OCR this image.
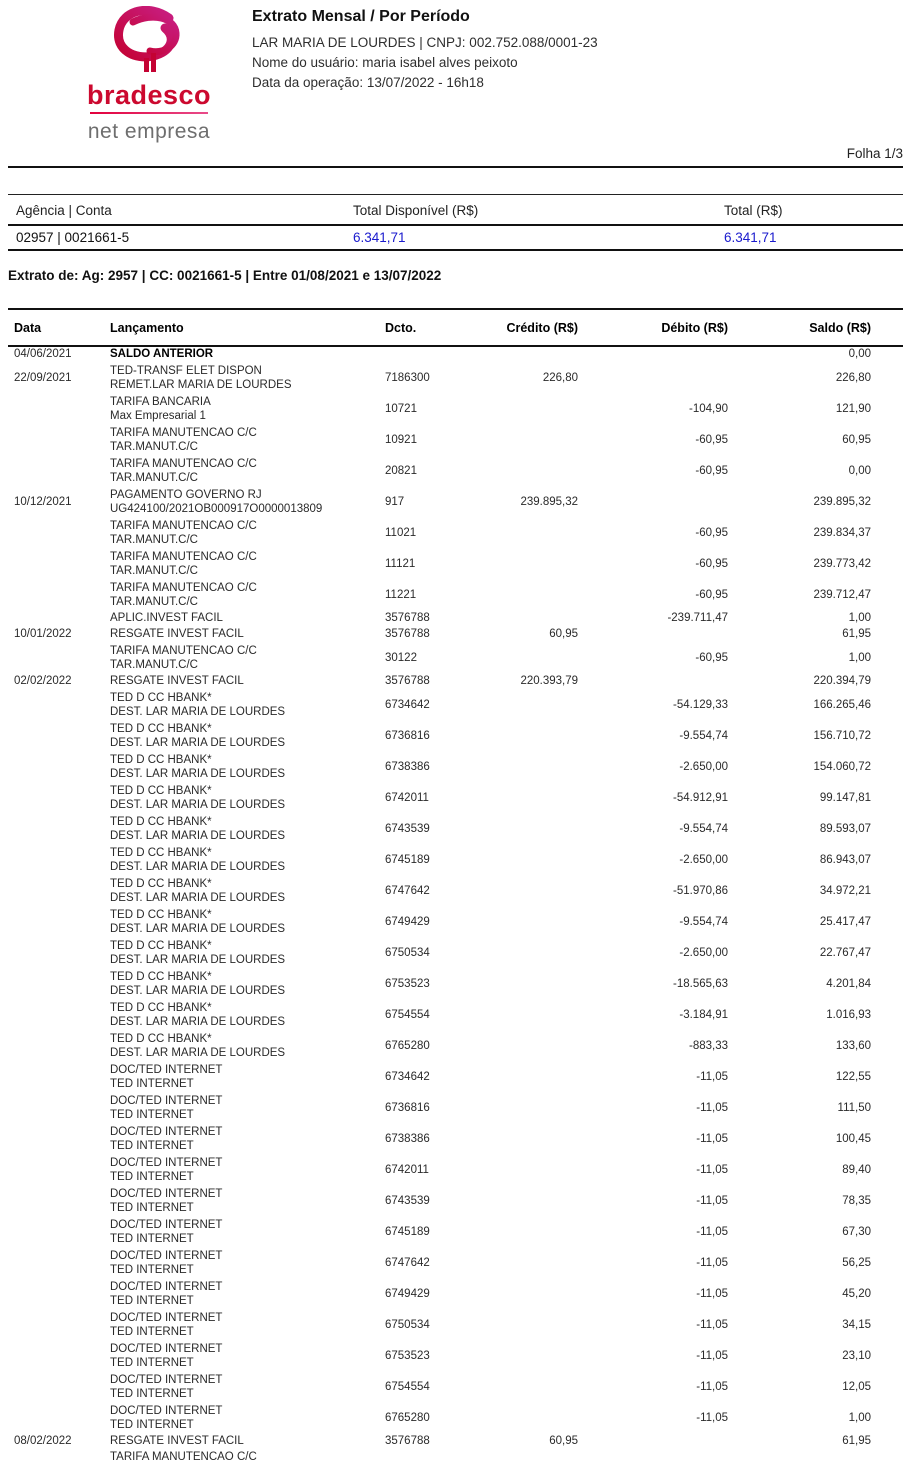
bradesco
net empresa
Extrato Mensal / Por Período
LAR MARIA DE LOURDES | CNPJ: 002.752.088/0001-23
Nome do usuário: maria isabel alves peixoto
Data da operação: 13/07/2022 - 16h18
Folha 1/3
Agência | Conta	Total Disponível (R$)	Total (R$)
02957 | 0021661-5	6.341,71	6.341,71
Extrato de: Ag: 2957 | CC: 0021661-5 | Entre 01/08/2021 e 13/07/2022
Data	Lançamento	Dcto.	Crédito (R$)	Débito (R$)	Saldo (R$)
04/06/2021	SALDO ANTERIOR				0,00
22/09/2021	TED-TRANSF ELET DISPON
REMET.LAR MARIA DE LOURDES	7186300	226,80		226,80

	TARIFA BANCARIA
Max Empresarial 1	10721		-104,90	121,90

	TARIFA MANUTENCAO C/C
TAR.MANUT.C/C	10921		-60,95	60,95

	TARIFA MANUTENCAO C/C
TAR.MANUT.C/C	20821		-60,95	0,00
10/12/2021	PAGAMENTO GOVERNO RJ
UG424100/2021OB000917O0000013809	917	239.895,32		239.895,32

	TARIFA MANUTENCAO C/C
TAR.MANUT.C/C	11021		-60,95	239.834,37

	TARIFA MANUTENCAO C/C
TAR.MANUT.C/C	11121		-60,95	239.773,42

	TARIFA MANUTENCAO C/C
TAR.MANUT.C/C	11221		-60,95	239.712,47

	APLIC.INVEST FACIL	3576788		-239.711,47	1,00
10/01/2022	RESGATE INVEST FACIL	3576788	60,95		61,95

	TARIFA MANUTENCAO C/C
TAR.MANUT.C/C	30122		-60,95	1,00
02/02/2022	RESGATE INVEST FACIL	3576788	220.393,79		220.394,79

	TED D CC HBANK*
DEST. LAR MARIA DE LOURDES	6734642		-54.129,33	166.265,46

	TED D CC HBANK*
DEST. LAR MARIA DE LOURDES	6736816		-9.554,74	156.710,72

	TED D CC HBANK*
DEST. LAR MARIA DE LOURDES	6738386		-2.650,00	154.060,72

	TED D CC HBANK*
DEST. LAR MARIA DE LOURDES	6742011		-54.912,91	99.147,81

	TED D CC HBANK*
DEST. LAR MARIA DE LOURDES	6743539		-9.554,74	89.593,07

	TED D CC HBANK*
DEST. LAR MARIA DE LOURDES	6745189		-2.650,00	86.943,07

	TED D CC HBANK*
DEST. LAR MARIA DE LOURDES	6747642		-51.970,86	34.972,21

	TED D CC HBANK*
DEST. LAR MARIA DE LOURDES	6749429		-9.554,74	25.417,47

	TED D CC HBANK*
DEST. LAR MARIA DE LOURDES	6750534		-2.650,00	22.767,47

	TED D CC HBANK*
DEST. LAR MARIA DE LOURDES	6753523		-18.565,63	4.201,84

	TED D CC HBANK*
DEST. LAR MARIA DE LOURDES	6754554		-3.184,91	1.016,93

	TED D CC HBANK*
DEST. LAR MARIA DE LOURDES	6765280		-883,33	133,60

	DOC/TED INTERNET
TED INTERNET	6734642		-11,05	122,55

	DOC/TED INTERNET
TED INTERNET	6736816		-11,05	111,50

	DOC/TED INTERNET
TED INTERNET	6738386		-11,05	100,45

	DOC/TED INTERNET
TED INTERNET	6742011		-11,05	89,40

	DOC/TED INTERNET
TED INTERNET	6743539		-11,05	78,35

	DOC/TED INTERNET
TED INTERNET	6745189		-11,05	67,30

	DOC/TED INTERNET
TED INTERNET	6747642		-11,05	56,25

	DOC/TED INTERNET
TED INTERNET	6749429		-11,05	45,20

	DOC/TED INTERNET
TED INTERNET	6750534		-11,05	34,15

	DOC/TED INTERNET
TED INTERNET	6753523		-11,05	23,10

	DOC/TED INTERNET
TED INTERNET	6754554		-11,05	12,05

	DOC/TED INTERNET
TED INTERNET	6765280		-11,05	1,00
08/02/2022	RESGATE INVEST FACIL	3576788	60,95		61,95

	TARIFA MANUTENCAO C/C				
